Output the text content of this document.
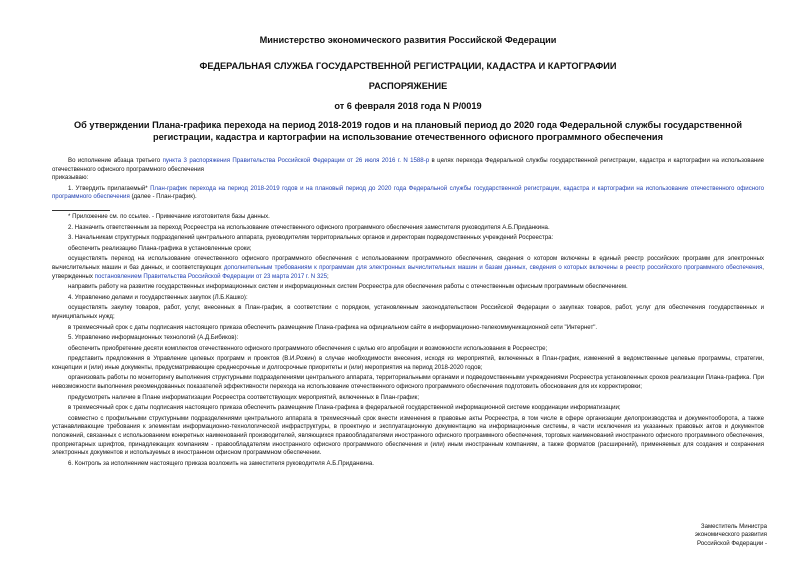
Министерство экономического развития Российской Федерации
ФЕДЕРАЛЬНАЯ СЛУЖБА ГОСУДАРСТВЕННОЙ РЕГИСТРАЦИИ, КАДАСТРА И КАРТОГРАФИИ
РАСПОРЯЖЕНИЕ
от 6 февраля 2018 года N Р/0019
Об утверждении Плана-графика перехода на период 2018-2019 годов и на плановый период до 2020 года Федеральной службы государственной регистрации, кадастра и картографии на использование отечественного офисного программного обеспечения

Во исполнение абзаца третьего пункта 3 распоряжения Правительства Российской Федерации от 26 июля 2016 г. N 1588-р в целях перехода Федеральной службы государственной регистрации, кадастра и картографии на использование отечественного офисного программного обеспечения

приказываю:

1. Утвердить прилагаемый* План-график перехода на период 2018-2019 годов и на плановый период до 2020 года Федеральной службы государственной регистрации, кадастра и картографии на использование отечественного офисного программного обеспечения (далее - План-график).

* Приложение см. по ссылке. - Примечание изготовителя базы данных.

2. Назначить ответственным за переход Росреестра на использование отечественного офисного программного обеспечения заместителя руководителя А.Б.Приданкина.

3. Начальникам структурных подразделений центрального аппарата, руководителям территориальных органов и директорам подведомственных учреждений Росреестра:

обеспечить реализацию Плана-графика в установленные сроки;

осуществлять переход на использование отечественного офисного программного обеспечения с использованием программного обеспечения, сведения о котором включены в единый реестр российских программ для электронных вычислительных машин и баз данных, и соответствующих дополнительным требованиям к программам для электронных вычислительных машин и базам данных, сведения о которых включены в реестр российского программного обеспечения, утвержденных постановлением Правительства Российской Федерации от 23 марта 2017 г. N 325;

направить работу на развитие государственных информационных систем и информационных систем Росреестра для обеспечения работы с отечественным офисным программным обеспечением.

4. Управлению делами и государственных закупок (Л.Б.Кашко):

осуществлять закупку товаров, работ, услуг, внесенных в План-график, в соответствии с порядком, установленным законодательством Российской Федерации о закупках товаров, работ, услуг для обеспечения государственных и муниципальных нужд;

в трехмесячный срок с даты подписания настоящего приказа обеспечить размещение Плана-графика на официальном сайте в информационно-телекоммуникационной сети "Интернет".

5. Управлению информационных технологий (А.Д.Бибиков):

обеспечить приобретение десяти комплектов отечественного офисного программного обеспечения с целью его апробации и возможности использования в Росреестре;

представить предложения в Управление целевых программ и проектов (В.И.Рожин) в случае необходимости внесения, исходя из мероприятий, включенных в План-график, изменений в ведомственные целевые программы, стратегии, концепции и (или) иные документы, предусматривающие среднесрочные и долгосрочные приоритеты и (или) мероприятия на период 2018-2020 годов;

организовать работы по мониторингу выполнения структурными подразделениями центрального аппарата, территориальными органами и подведомственными учреждениями Росреестра установленных сроков реализации Плана-графика. При невозможности выполнения рекомендованных показателей эффективности перехода на использование отечественного офисного программного обеспечения подготовить обоснования для их корректировки;

предусмотреть наличие в Плане информатизации Росреестра соответствующих мероприятий, включенных в План-график;

в трехмесячный срок с даты подписания настоящего приказа обеспечить размещение Плана-графика в федеральной государственной информационной системе координации информатизации;

совместно с профильными структурными подразделениями центрального аппарата в трехмесячный срок внести изменения в правовые акты Росреестра, в том числе в сфере организации делопроизводства и документооборота, а также устанавливающие требования к элементам информационно-технологической инфраструктуры, в проектную и эксплуатационную документацию на информационные системы, в части исключения из указанных правовых актов и документов положений, связанных с использованием конкретных наименований производителей, являющихся правообладателями иностранного офисного программного обеспечения, торговых наименований иностранного офисного программного обеспечения, проприетарных шрифтов, принадлежащих компаниям - правообладателям иностранного офисного программного обеспечения и (или) иным иностранным компаниям, а также форматов (расширений), применяемых для создания и сохранения электронных документов и используемых в иностранном офисном программном обеспечении.

6. Контроль за исполнением настоящего приказа возложить на заместителя руководителя А.Б.Приданкина.

Заместитель Министра
экономического развития
Российской Федерации -
